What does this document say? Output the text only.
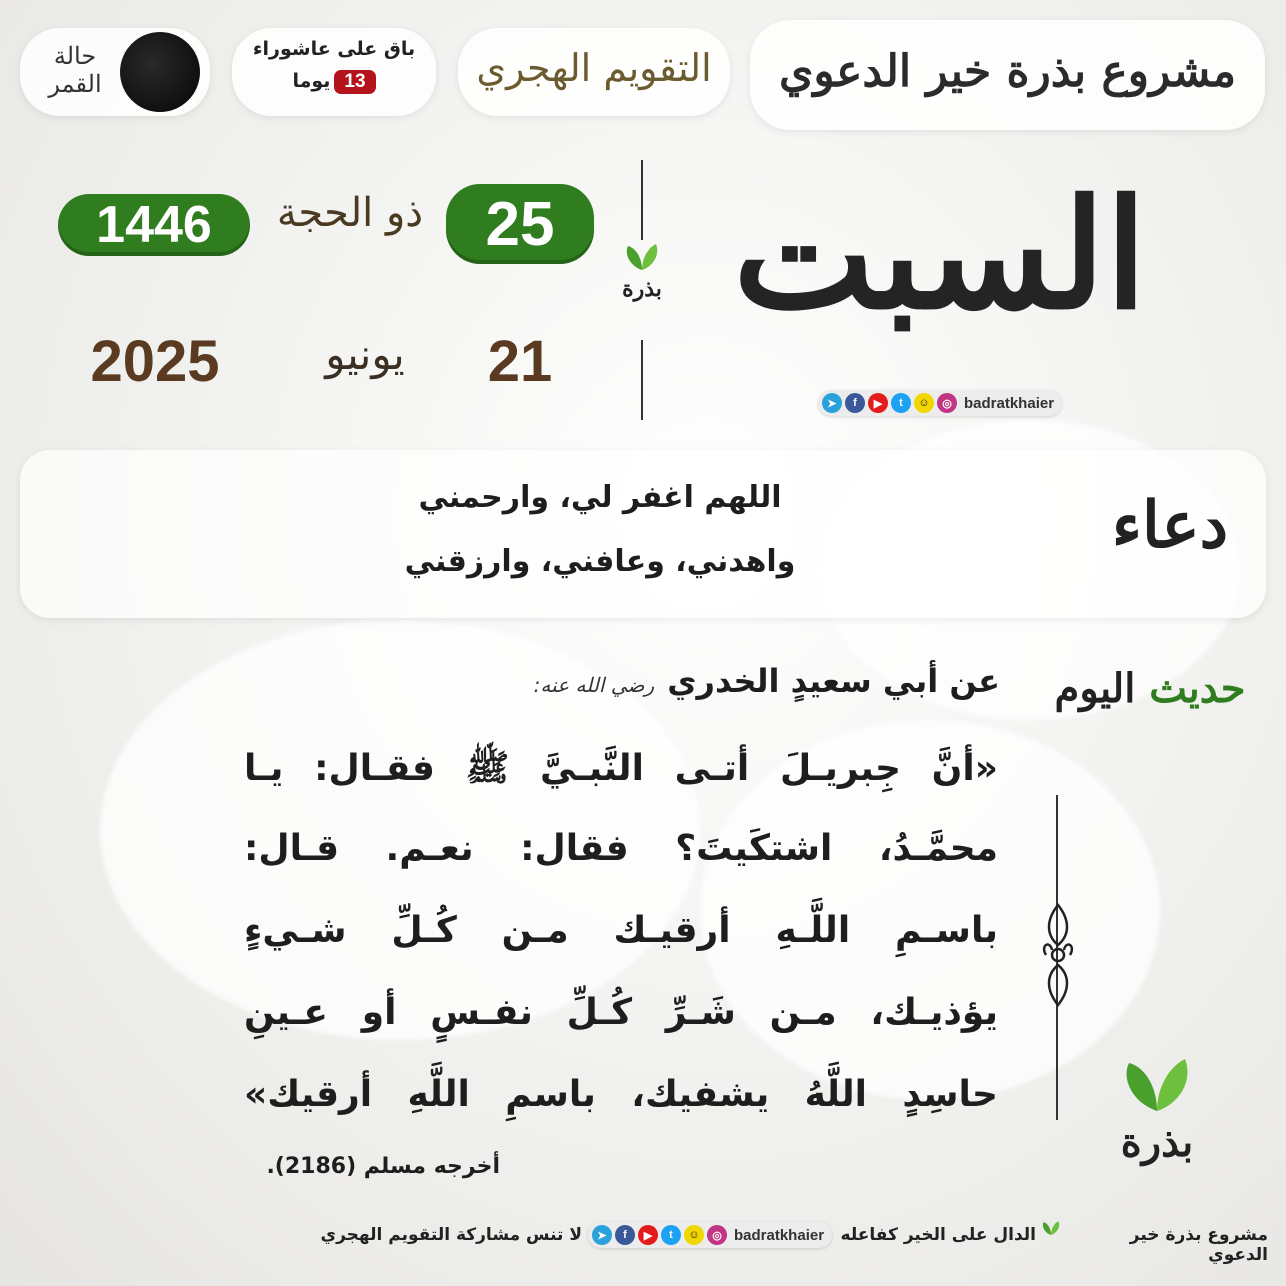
مشروع بذرة خير الدعوي
التقويم الهجري
باق على عاشوراء
13
يوما
حالة القمر
السبت
بذرة
25
ذو الحجة
1446
21
يونيو
2025
➤	f	▶	t	☺	◎ badratkhaier
دعاء
اللهم اغفر لي، وارحمني
واهدني، وعافني، وارزقني
حديث اليوم
عن أبي سعيدٍ الخدري رضي الله عنه:
«أنَّ جِبريـلَ أتـى النَّبـيَّ ﷺ فقـال: يـا
محمَّـدُ، اشتكَيتَ؟ فقال: نعـم. قـال:
باسـمِ اللَّـهِ أرقيـك مـن كُـلِّ شـيءٍ
يؤذيـك، مـن شَـرِّ كُـلِّ نفـسٍ أو عـينِ
حاسِدٍ اللَّهُ يشفيك، باسمِ اللَّهِ أرقيك»
أخرجه مسلم (2186).
بذرة
مشروع بذرة خير الدعوي
الدال على الخير كفاعله
➤	f	▶	t	☺	◎ badratkhaier
لا تنس مشاركة التقويم الهجري
